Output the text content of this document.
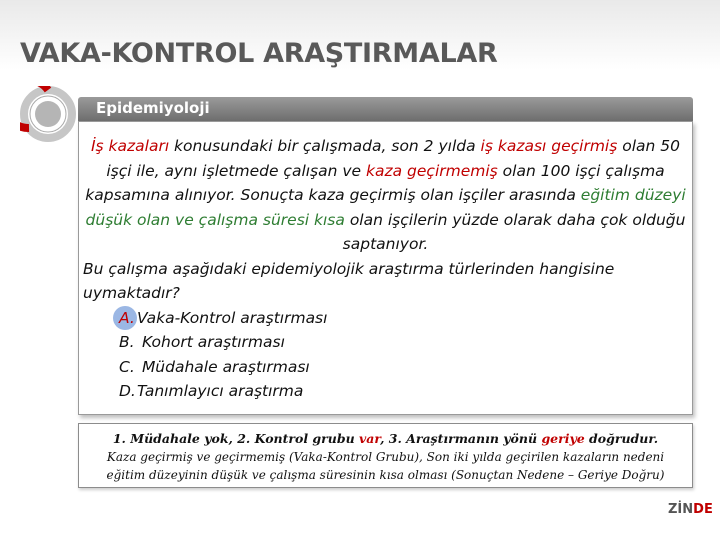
VAKA-KONTROL ARAŞTIRMALAR
Epidemiyoloji
İş kazaları konusundaki bir çalışmada, son 2 yılda iş kazası geçirmiş olan 50 işçi ile, aynı işletmede çalışan ve kaza geçirmemiş olan 100 işçi çalışma kapsamına alınıyor. Sonuçta kaza geçirmiş olan işçiler arasında eğitim düzeyi düşük olan ve çalışma süresi kısa olan işçilerin yüzde olarak daha çok olduğu saptanıyor.
Bu çalışma aşağıdaki epidemiyolojik araştırma türlerinden hangisine uymaktadır?
A. Vaka-Kontrol araştırması
B. Kohort araştırması
C. Müdahale araştırması
D.Tanımlayıcı araştırma
1. Müdahale yok, 2. Kontrol grubu var, 3. Araştırmanın yönü geriye doğrudur.
Kaza geçirmiş ve geçirmemiş (Vaka-Kontrol Grubu), Son iki yılda geçirilen kazaların nedeni
eğitim düzeyinin düşük ve çalışma süresinin kısa olması (Sonuçtan Nedene – Geriye Doğru)
ZİNDE
